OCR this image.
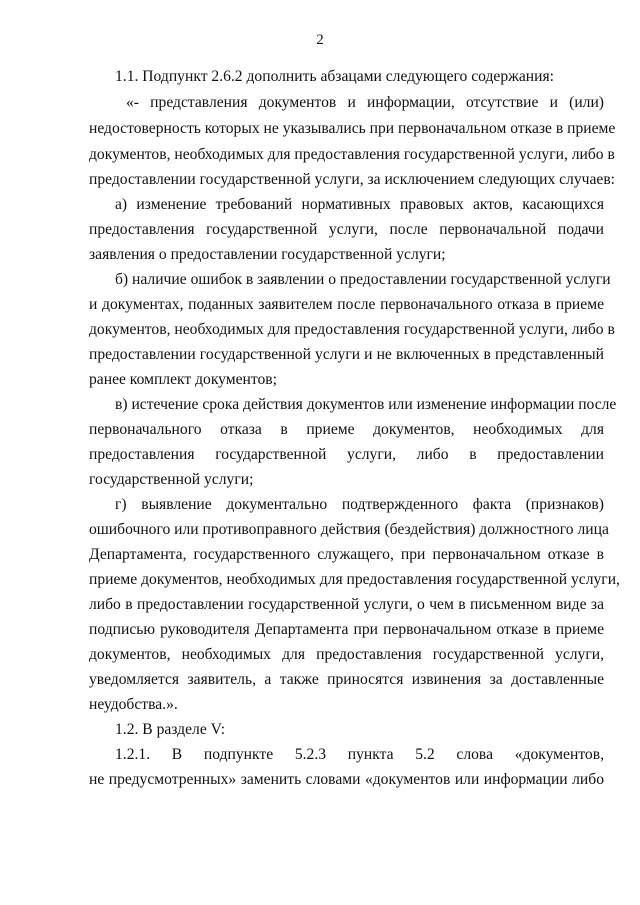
2
1.1. Подпункт 2.6.2 дополнить абзацами следующего содержания:
«- представления документов и информации, отсутствие и (или)
недостоверность которых не указывались при первоначальном отказе в приеме
документов, необходимых для предоставления государственной услуги, либо в
предоставлении государственной услуги, за исключением следующих случаев:
а) изменение требований нормативных правовых актов, касающихся
предоставления государственной услуги, после первоначальной подачи
заявления о предоставлении государственной услуги;
б) наличие ошибок в заявлении о предоставлении государственной услуги
и документах, поданных заявителем после первоначального отказа в приеме
документов, необходимых для предоставления государственной услуги, либо в
предоставлении государственной услуги и не включенных в представленный
ранее комплект документов;
в) истечение срока действия документов или изменение информации после
первоначального отказа в приеме документов, необходимых для
предоставления государственной услуги, либо в предоставлении
государственной услуги;
г) выявление документально подтвержденного факта (признаков)
ошибочного или противоправного действия (бездействия) должностного лица
Департамента, государственного служащего, при первоначальном отказе в
приеме документов, необходимых для предоставления государственной услуги,
либо в предоставлении государственной услуги, о чем в письменном виде за
подписью руководителя Департамента при первоначальном отказе в приеме
документов, необходимых для предоставления государственной услуги,
уведомляется заявитель, а также приносятся извинения за доставленные
неудобства.».
1.2. В разделе V:
1.2.1. В подпункте 5.2.3 пункта 5.2 слова «документов,
не предусмотренных» заменить словами «документов или информации либо
